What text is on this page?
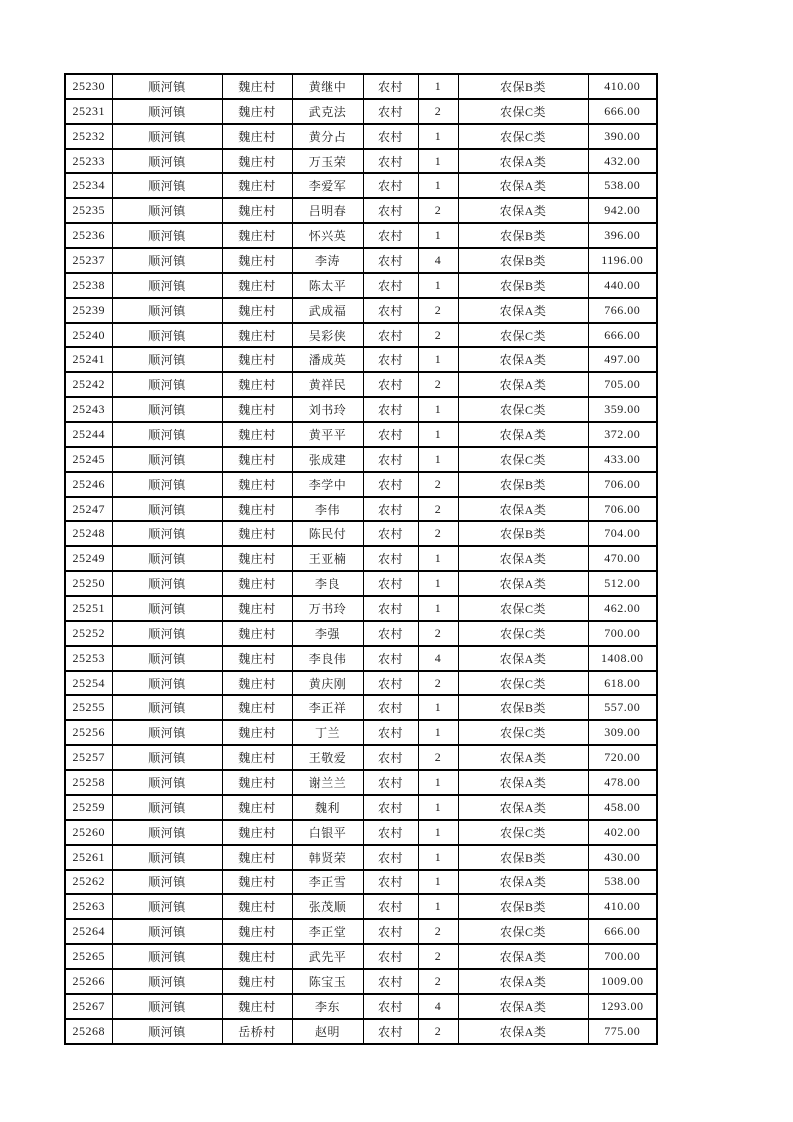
25230	顺河镇	魏庄村	黄继中	农村	1	农保B类	410.00
25231	顺河镇	魏庄村	武克法	农村	2	农保C类	666.00
25232	顺河镇	魏庄村	黄分占	农村	1	农保C类	390.00
25233	顺河镇	魏庄村	万玉荣	农村	1	农保A类	432.00
25234	顺河镇	魏庄村	李爱军	农村	1	农保A类	538.00
25235	顺河镇	魏庄村	吕明春	农村	2	农保A类	942.00
25236	顺河镇	魏庄村	怀兴英	农村	1	农保B类	396.00
25237	顺河镇	魏庄村	李涛	农村	4	农保B类	1196.00
25238	顺河镇	魏庄村	陈太平	农村	1	农保B类	440.00
25239	顺河镇	魏庄村	武成福	农村	2	农保A类	766.00
25240	顺河镇	魏庄村	吴彩侠	农村	2	农保C类	666.00
25241	顺河镇	魏庄村	潘成英	农村	1	农保A类	497.00
25242	顺河镇	魏庄村	黄祥民	农村	2	农保A类	705.00
25243	顺河镇	魏庄村	刘书玲	农村	1	农保C类	359.00
25244	顺河镇	魏庄村	黄平平	农村	1	农保A类	372.00
25245	顺河镇	魏庄村	张成建	农村	1	农保C类	433.00
25246	顺河镇	魏庄村	李学中	农村	2	农保B类	706.00
25247	顺河镇	魏庄村	李伟	农村	2	农保A类	706.00
25248	顺河镇	魏庄村	陈民付	农村	2	农保B类	704.00
25249	顺河镇	魏庄村	王亚楠	农村	1	农保A类	470.00
25250	顺河镇	魏庄村	李良	农村	1	农保A类	512.00
25251	顺河镇	魏庄村	万书玲	农村	1	农保C类	462.00
25252	顺河镇	魏庄村	李强	农村	2	农保C类	700.00
25253	顺河镇	魏庄村	李良伟	农村	4	农保A类	1408.00
25254	顺河镇	魏庄村	黄庆刚	农村	2	农保C类	618.00
25255	顺河镇	魏庄村	李正祥	农村	1	农保B类	557.00
25256	顺河镇	魏庄村	丁兰	农村	1	农保C类	309.00
25257	顺河镇	魏庄村	王敬爱	农村	2	农保A类	720.00
25258	顺河镇	魏庄村	谢兰兰	农村	1	农保A类	478.00
25259	顺河镇	魏庄村	魏利	农村	1	农保A类	458.00
25260	顺河镇	魏庄村	白银平	农村	1	农保C类	402.00
25261	顺河镇	魏庄村	韩贤荣	农村	1	农保B类	430.00
25262	顺河镇	魏庄村	李正雪	农村	1	农保A类	538.00
25263	顺河镇	魏庄村	张茂顺	农村	1	农保B类	410.00
25264	顺河镇	魏庄村	李正堂	农村	2	农保C类	666.00
25265	顺河镇	魏庄村	武先平	农村	2	农保A类	700.00
25266	顺河镇	魏庄村	陈宝玉	农村	2	农保A类	1009.00
25267	顺河镇	魏庄村	李东	农村	4	农保A类	1293.00
25268	顺河镇	岳桥村	赵明	农村	2	农保A类	775.00
